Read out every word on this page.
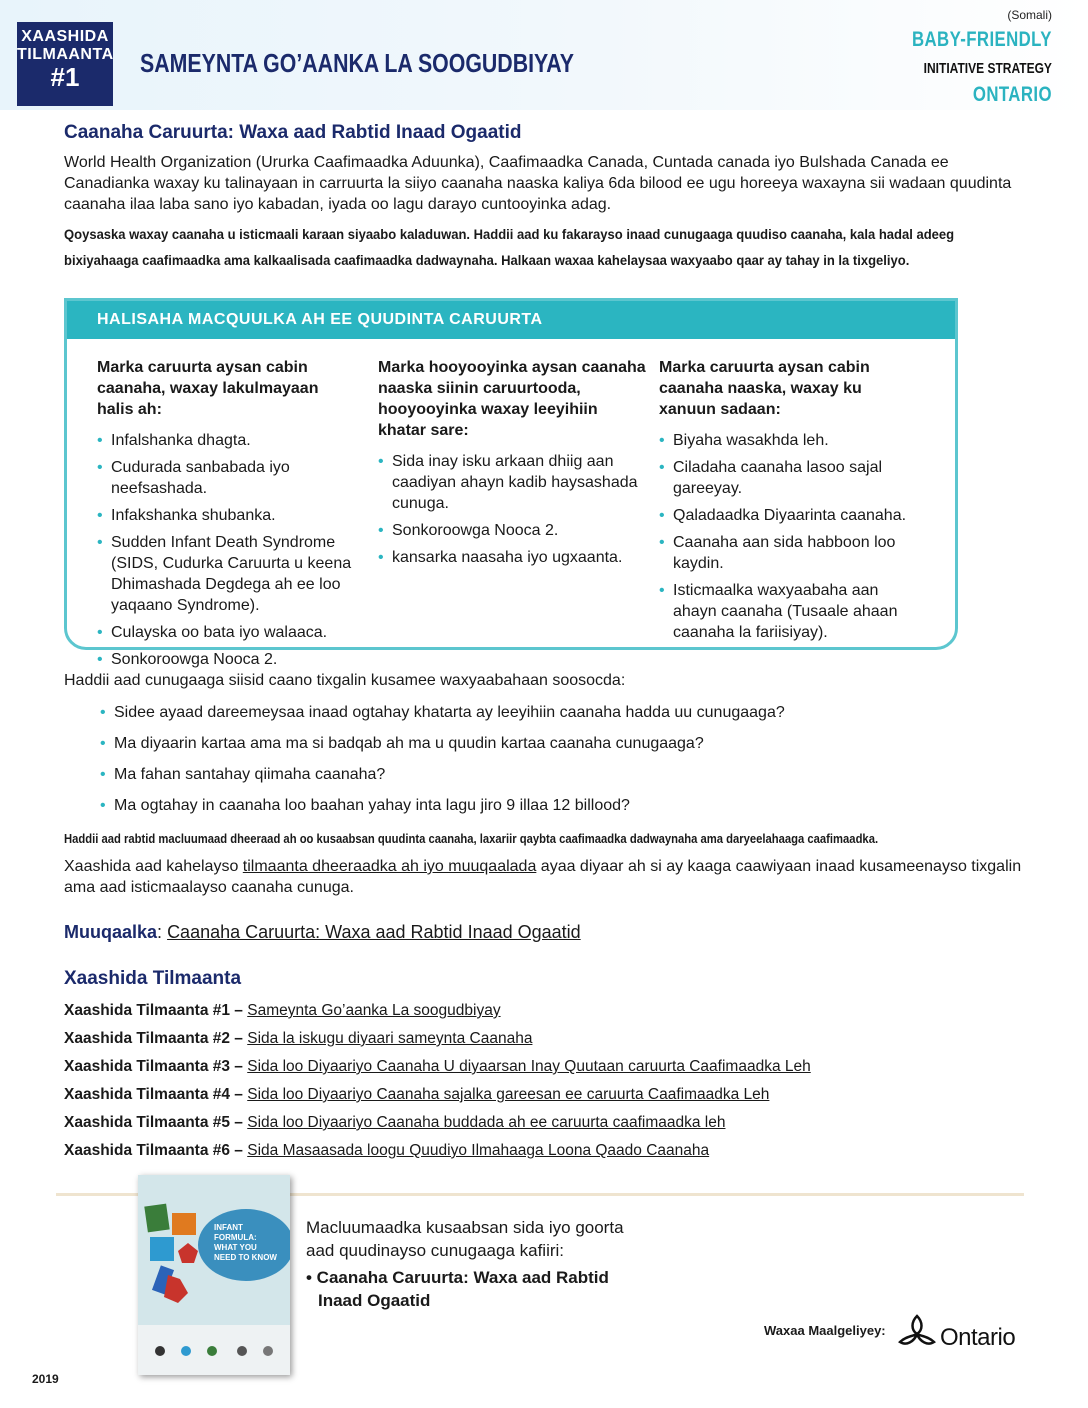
XAASHIDA
TILMAANTA
#1	SAMEYNTA GO’AANKA LA SOOGUDBIYAY
(Somali)
BABY-FRIENDLY
INITIATIVE STRATEGY
ONTARIO
Caanaha Caruurta: Waxa aad Rabtid Inaad Ogaatid

World Health Organization (Ururka Caafimaadka Aduunka), Caafimaadka Canada, Cuntada canada iyo Bulshada Canada ee Canadianka waxay ku talinayaan in carruurta la siiyo caanaha naaska kaliya 6da bilood ee ugu horeeya waxayna sii wadaan quudinta caanaha ilaa laba sano iyo kabadan, iyada oo lagu darayo cuntooyinka adag.

Qoysaska waxay caanaha u isticmaali karaan siyaabo kaladuwan. Haddii aad ku fakarayso inaad cunugaaga quudiso caanaha, kala hadal adeeg bixiyahaaga caafimaadka ama kalkaalisada caafimaadka dadwaynaha. Halkaan waxaa kahelaysaa waxyaabo qaar ay tahay in la tixgeliyo.

HALISAHA MACQUULKA AH EE QUUDINTA CARUURTA
Marka caruurta aysan cabin caanaha, waxay lakulmayaan halis ah:
• Infalshanka dhagta.
• Cudurada sanbabada iyo neefsashada.
• Infakshanka shubanka.
• Sudden Infant Death Syndrome (SIDS, Cudurka Caruurta u keena Dhimashada Degdega ah ee loo yaqaano Syndrome).
• Culayska oo bata iyo walaaca.
• Sonkoroowga Nooca 2.
Marka hooyooyinka aysan caanaha naaska siinin caruurtooda, hooyooyinka waxay leeyihiin khatar sare:
• Sida inay isku arkaan dhiig aan caadiyan ahayn kadib haysashada cunuga.
• Sonkoroowga Nooca 2.
• kansarka naasaha iyo ugxaanta.
Marka caruurta aysan cabin caanaha naaska, waxay ku xanuun sadaan:
• Biyaha wasakhda leh.
• Ciladaha caanaha lasoo sajal gareeyay.
• Qaladaadka Diyaarinta caanaha.
• Caanaha aan sida habboon loo kaydin.
• Isticmaalka waxyaabaha aan ahayn caanaha (Tusaale ahaan caanaha la fariisiyay).

Haddii aad cunugaaga siisid caano tixgalin kusamee waxyaabahaan soosocda:

• Sidee ayaad dareemeysaa inaad ogtahay khatarta ay leeyihiin caanaha hadda uu cunugaaga?
• Ma diyaarin kartaa ama ma si badqab ah ma u quudin kartaa caanaha cunugaaga?
• Ma fahan santahay qiimaha caanaha?
• Ma ogtahay in caanaha loo baahan yahay inta lagu jiro 9 illaa 12 billood?

Haddii aad rabtid macluumaad dheeraad ah oo kusaabsan quudinta caanaha, laxariir qaybta caafimaadka dadwaynaha ama daryeelahaaga caafimaadka.

Xaashida aad kahelayso tilmaanta dheeraadka ah iyo muuqaalada ayaa diyaar ah si ay kaaga caawiyaan inaad kusameenayso tixgalin ama aad isticmaalayso caanaha cunuga.

Muuqaalka: Caanaha Caruurta: Waxa aad Rabtid Inaad Ogaatid
Xaashida Tilmaanta
Xaashida Tilmaanta #1 – Sameynta Go’aanka La soogudbiyay
Xaashida Tilmaanta #2 – Sida la iskugu diyaari sameynta Caanaha
Xaashida Tilmaanta #3 – Sida loo Diyaariyo Caanaha U diyaarsan Inay Quutaan caruurta Caafimaadka Leh
Xaashida Tilmaanta #4 – Sida loo Diyaariyo Caanaha sajalka gareesan ee caruurta Caafimaadka Leh
Xaashida Tilmaanta #5 – Sida loo Diyaariyo Caanaha buddada ah ee caruurta caafimaadka leh
Xaashida Tilmaanta #6 – Sida Masaasada loogu Quudiyo Ilmahaaga Loona Qaado Caanaha
INFANT FORMULA: WHAT YOU NEED TO KNOW
Macluumaadka kusaabsan sida iyo goorta
aad quudinayso cunugaaga kafiiri:
• Caanaha Caruurta: Waxa aad Rabtid
Inaad Ogaatid
Waxaa Maalgeliyey: Ontario
2019
